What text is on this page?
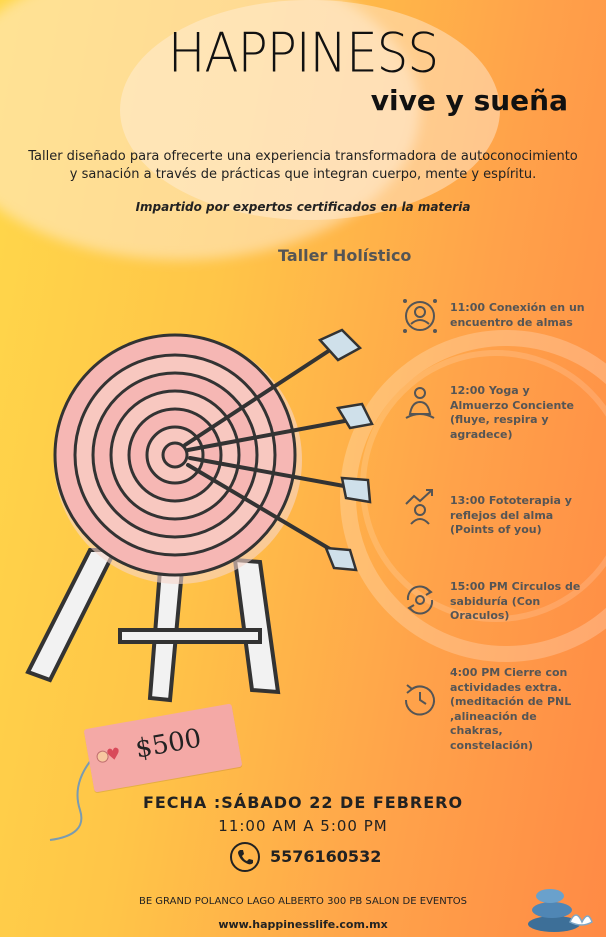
HAPPINESS
vive y sueña
Taller diseñado para ofrecerte una experiencia transformadora de autoconocimiento
y sanación a través de prácticas que integran cuerpo, mente y espíritu.
Impartido por expertos certificados en la materia
Taller Holístico
11:00 Conexión en un
encuentro de almas
12:00 Yoga y
Almuerzo Conciente
(fluye, respira y
agradece)
13:00 Fototerapia y
reflejos del alma
(Points of you)
15:00 PM Circulos de
sabiduría (Con
Oraculos)
4:00 PM Cierre con
actividades extra.
(meditación de PNL
,alineación de
chakras,
constelación)
♥ $500
FECHA :SÁBADO 22 DE FEBRERO
11:00 AM A 5:00 PM
5576160532
BE GRAND POLANCO LAGO ALBERTO 300 PB SALON DE EVENTOS
www.happinesslife.com.mx
